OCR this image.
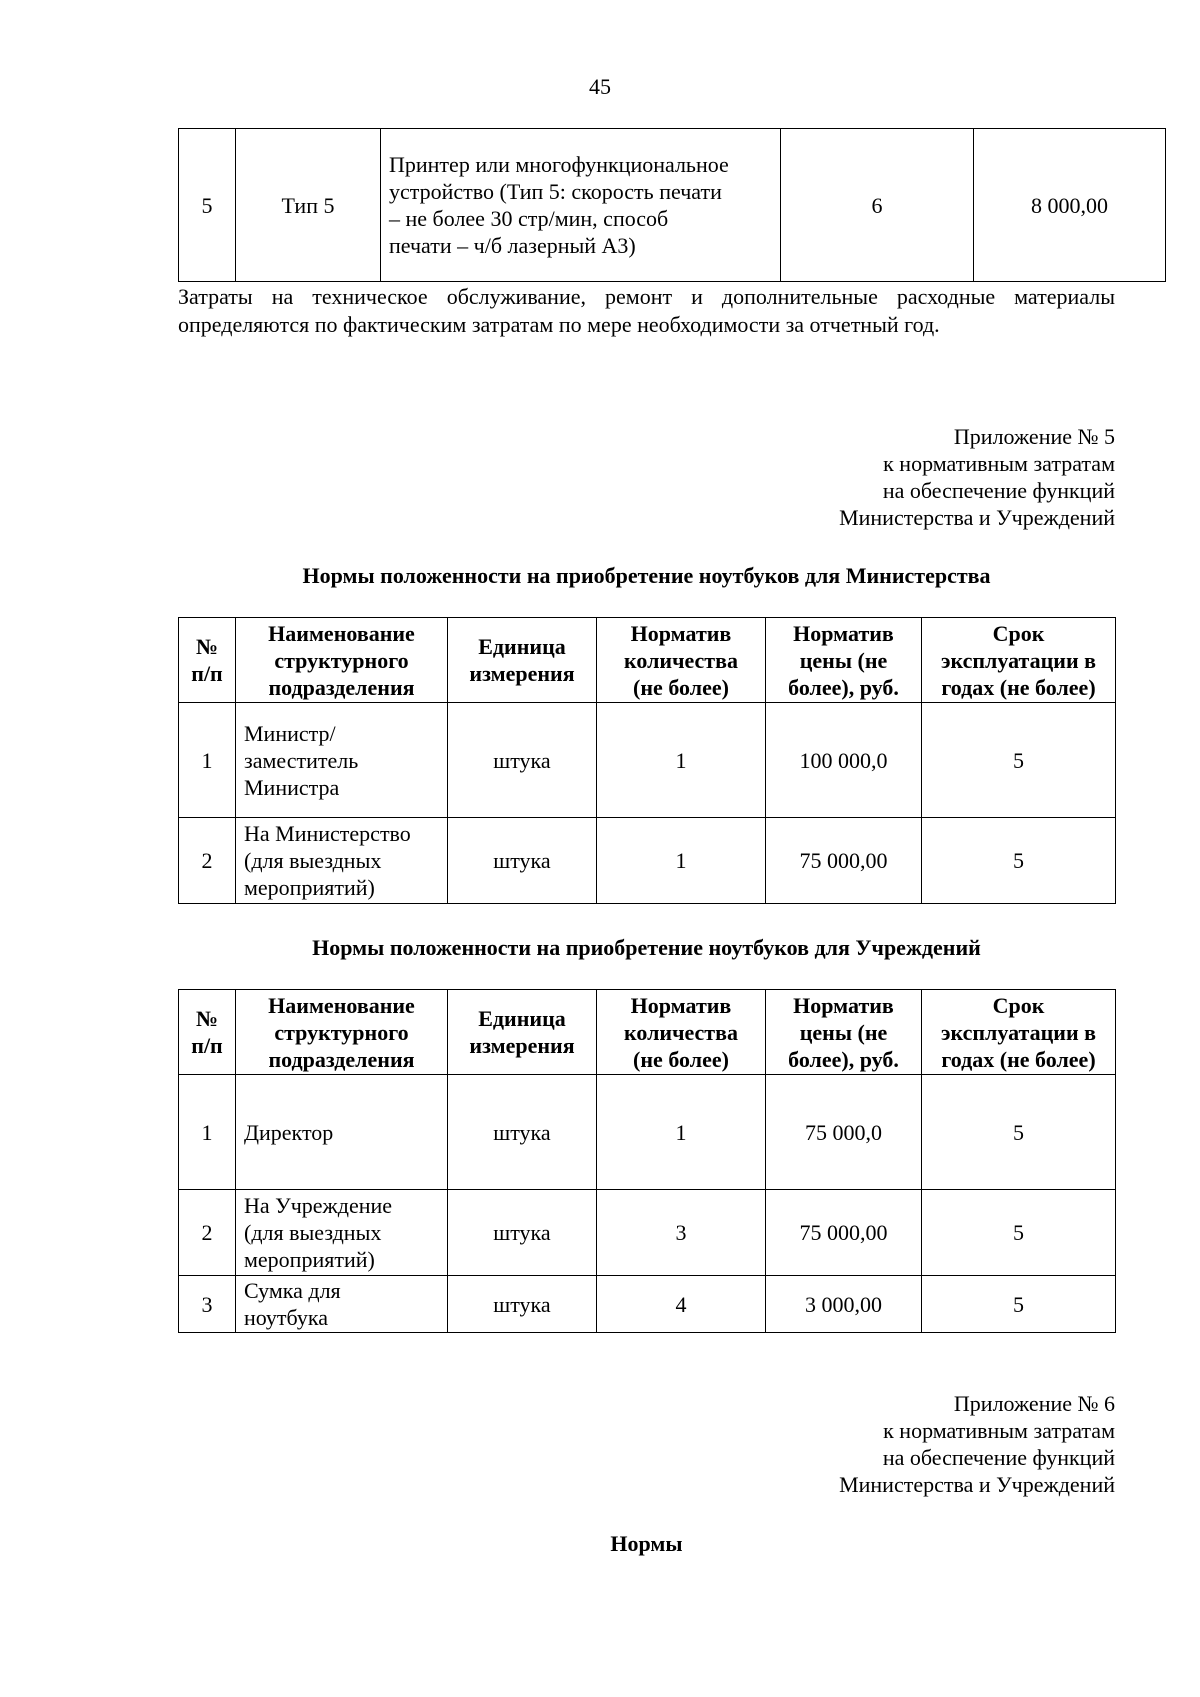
45
5	Тип 5	Принтер или многофункциональное
устройство (Тип 5: скорость печати
– не более 30 стр/мин, способ
печати – ч/б лазерный А3)	6	8 000,00
Затраты на техническое обслуживание, ремонт и дополнительные расходные материалы определяются по фактическим затратам по мере необходимости за отчетный год.
Приложение № 5
к нормативным затратам
на обеспечение функций
Министерства и Учреждений
Нормы положенности на приобретение ноутбуков для Министерства
№
п/п	Наименование
структурного
подразделения	Единица
измерения	Норматив
количества
(не более)	Норматив
цены (не
более), руб.	Срок
эксплуатации в
годах (не более)
1	Министр/
заместитель
Министра	штука	1	100 000,0	5
2	На Министерство
(для выездных
мероприятий)	штука	1	75 000,00	5
Нормы положенности на приобретение ноутбуков для Учреждений
№
п/п	Наименование
структурного
подразделения	Единица
измерения	Норматив
количества
(не более)	Норматив
цены (не
более), руб.	Срок
эксплуатации в
годах (не более)
1	Директор	штука	1	75 000,0	5
2	На Учреждение
(для выездных
мероприятий)	штука	3	75 000,00	5
3	Сумка для
ноутбука	штука	4	3 000,00	5
Приложение № 6
к нормативным затратам
на обеспечение функций
Министерства и Учреждений
Нормы
